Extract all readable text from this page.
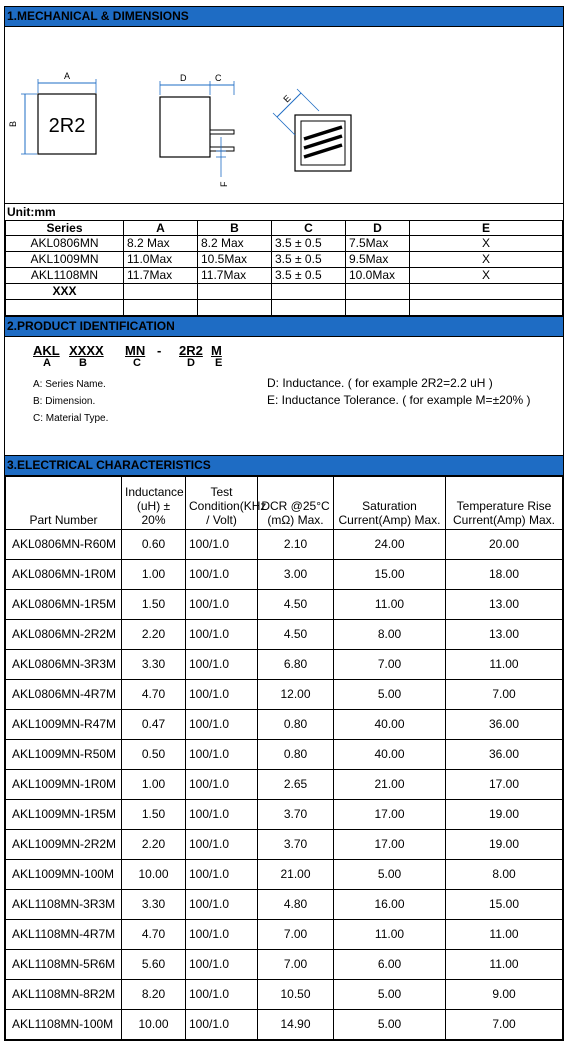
1.MECHANICAL & DIMENSIONS
A
B 2R2
D	C
F
E
Unit:mm
Series	A	B	C	D	E
AKL0806MN	8.2 Max	8.2 Max	3.5 ± 0.5	7.5Max	X
AKL1009MN	11.0Max	10.5Max	3.5 ± 0.5	9.5Max	X
AKL1108MN	11.7Max	11.7Max	3.5 ± 0.5	10.0Max	X
XXX					

2.PRODUCT IDENTIFICATION
AKL XXXX MN - 2R2 M
A	B	C	D E
A: Series Name.
B: Dimension.
C: Material Type.
D: Inductance. ( for example 2R2=2.2 uH )
E: Inductance Tolerance. ( for example M=±20% )
3.ELECTRICAL CHARACTERISTICS
Part Number	Inductance (uH) ± 20%	Test Condition(KHz / Volt)	DCR @25°C (mΩ) Max.	Saturation Current(Amp) Max.	Temperature Rise Current(Amp) Max.
AKL0806MN-R60M	0.60	100/1.0	2.10	24.00	20.00
AKL0806MN-1R0M	1.00	100/1.0	3.00	15.00	18.00
AKL0806MN-1R5M	1.50	100/1.0	4.50	11.00	13.00
AKL0806MN-2R2M	2.20	100/1.0	4.50	8.00	13.00
AKL0806MN-3R3M	3.30	100/1.0	6.80	7.00	11.00
AKL0806MN-4R7M	4.70	100/1.0	12.00	5.00	7.00
AKL1009MN-R47M	0.47	100/1.0	0.80	40.00	36.00
AKL1009MN-R50M	0.50	100/1.0	0.80	40.00	36.00
AKL1009MN-1R0M	1.00	100/1.0	2.65	21.00	17.00
AKL1009MN-1R5M	1.50	100/1.0	3.70	17.00	19.00
AKL1009MN-2R2M	2.20	100/1.0	3.70	17.00	19.00
AKL1009MN-100M	10.00	100/1.0	21.00	5.00	8.00
AKL1108MN-3R3M	3.30	100/1.0	4.80	16.00	15.00
AKL1108MN-4R7M	4.70	100/1.0	7.00	11.00	11.00
AKL1108MN-5R6M	5.60	100/1.0	7.00	6.00	11.00
AKL1108MN-8R2M	8.20	100/1.0	10.50	5.00	9.00
AKL1108MN-100M	10.00	100/1.0	14.90	5.00	7.00
